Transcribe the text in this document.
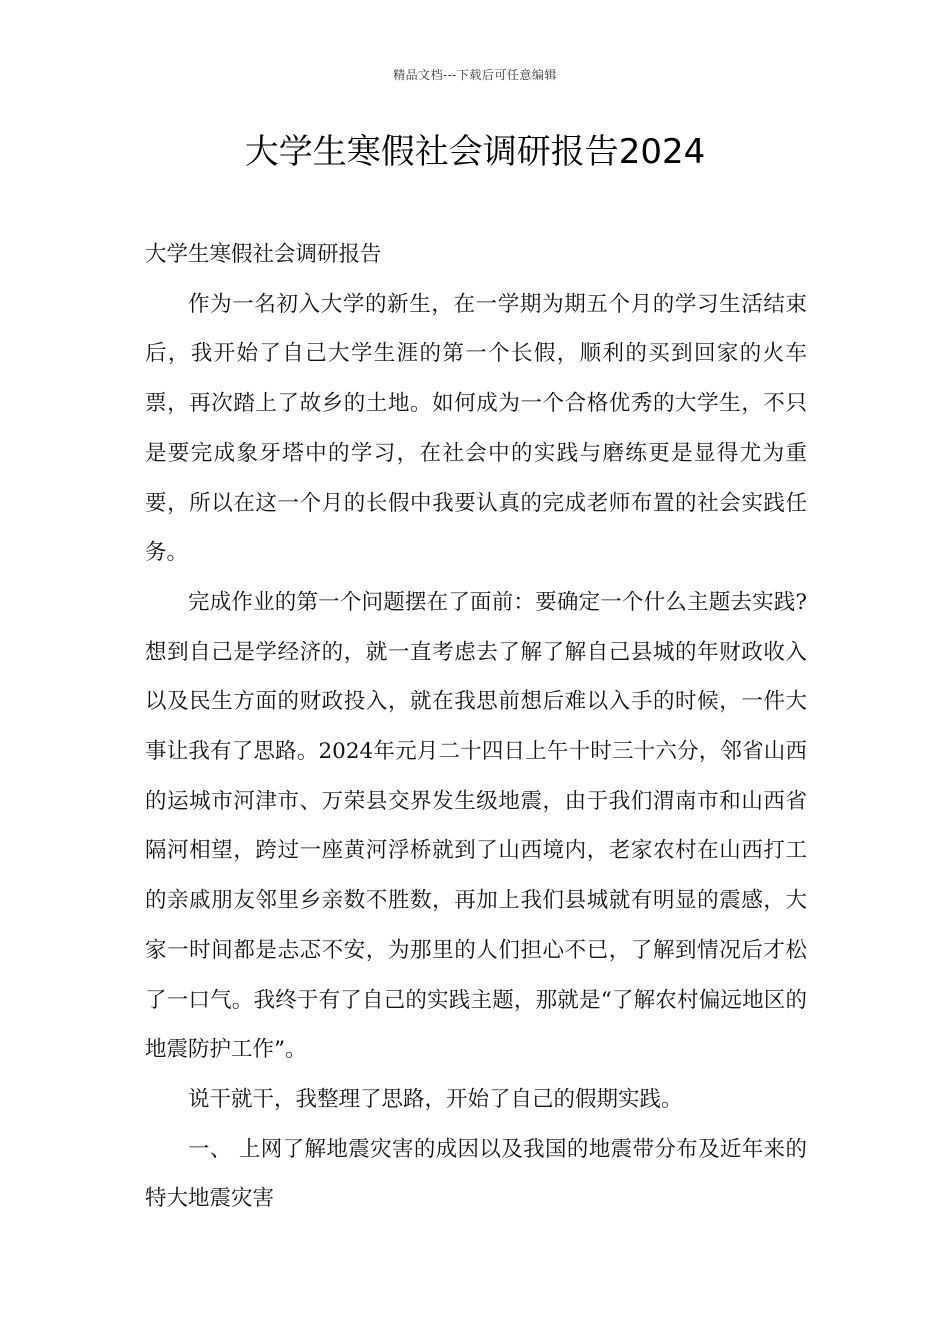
精品文档---下载后可任意编辑
大学生寒假社会调研报告2024

大学生寒假社会调研报告

作为一名初入大学的新生，在一学期为期五个月的学习生活结束后，我开始了自己大学生涯的第一个长假，顺利的买到回家的火车票，再次踏上了故乡的土地。如何成为一个合格优秀的大学生，不只是要完成象牙塔中的学习，在社会中的实践与磨练更是显得尤为重要，所以在这一个月的长假中我要认真的完成老师布置的社会实践任务。

完成作业的第一个问题摆在了面前：要确定一个什么主题去实践?想到自己是学经济的，就一直考虑去了解了解自己县城的年财政收入以及民生方面的财政投入，就在我思前想后难以入手的时候，一件大事让我有了思路。2024年元月二十四日上午十时三十六分，邻省山西的运城市河津市、万荣县交界发生级地震，由于我们渭南市和山西省隔河相望，跨过一座黄河浮桥就到了山西境内，老家农村在山西打工的亲戚朋友邻里乡亲数不胜数，再加上我们县城就有明显的震感，大家一时间都是忐忑不安，为那里的人们担心不已，了解到情况后才松了一口气。我终于有了自己的实践主题，那就是“了解农村偏远地区的地震防护工作”。

说干就干，我整理了思路，开始了自己的假期实践。

一、 上网了解地震灾害的成因以及我国的地震带分布及近年来的特大地震灾害
